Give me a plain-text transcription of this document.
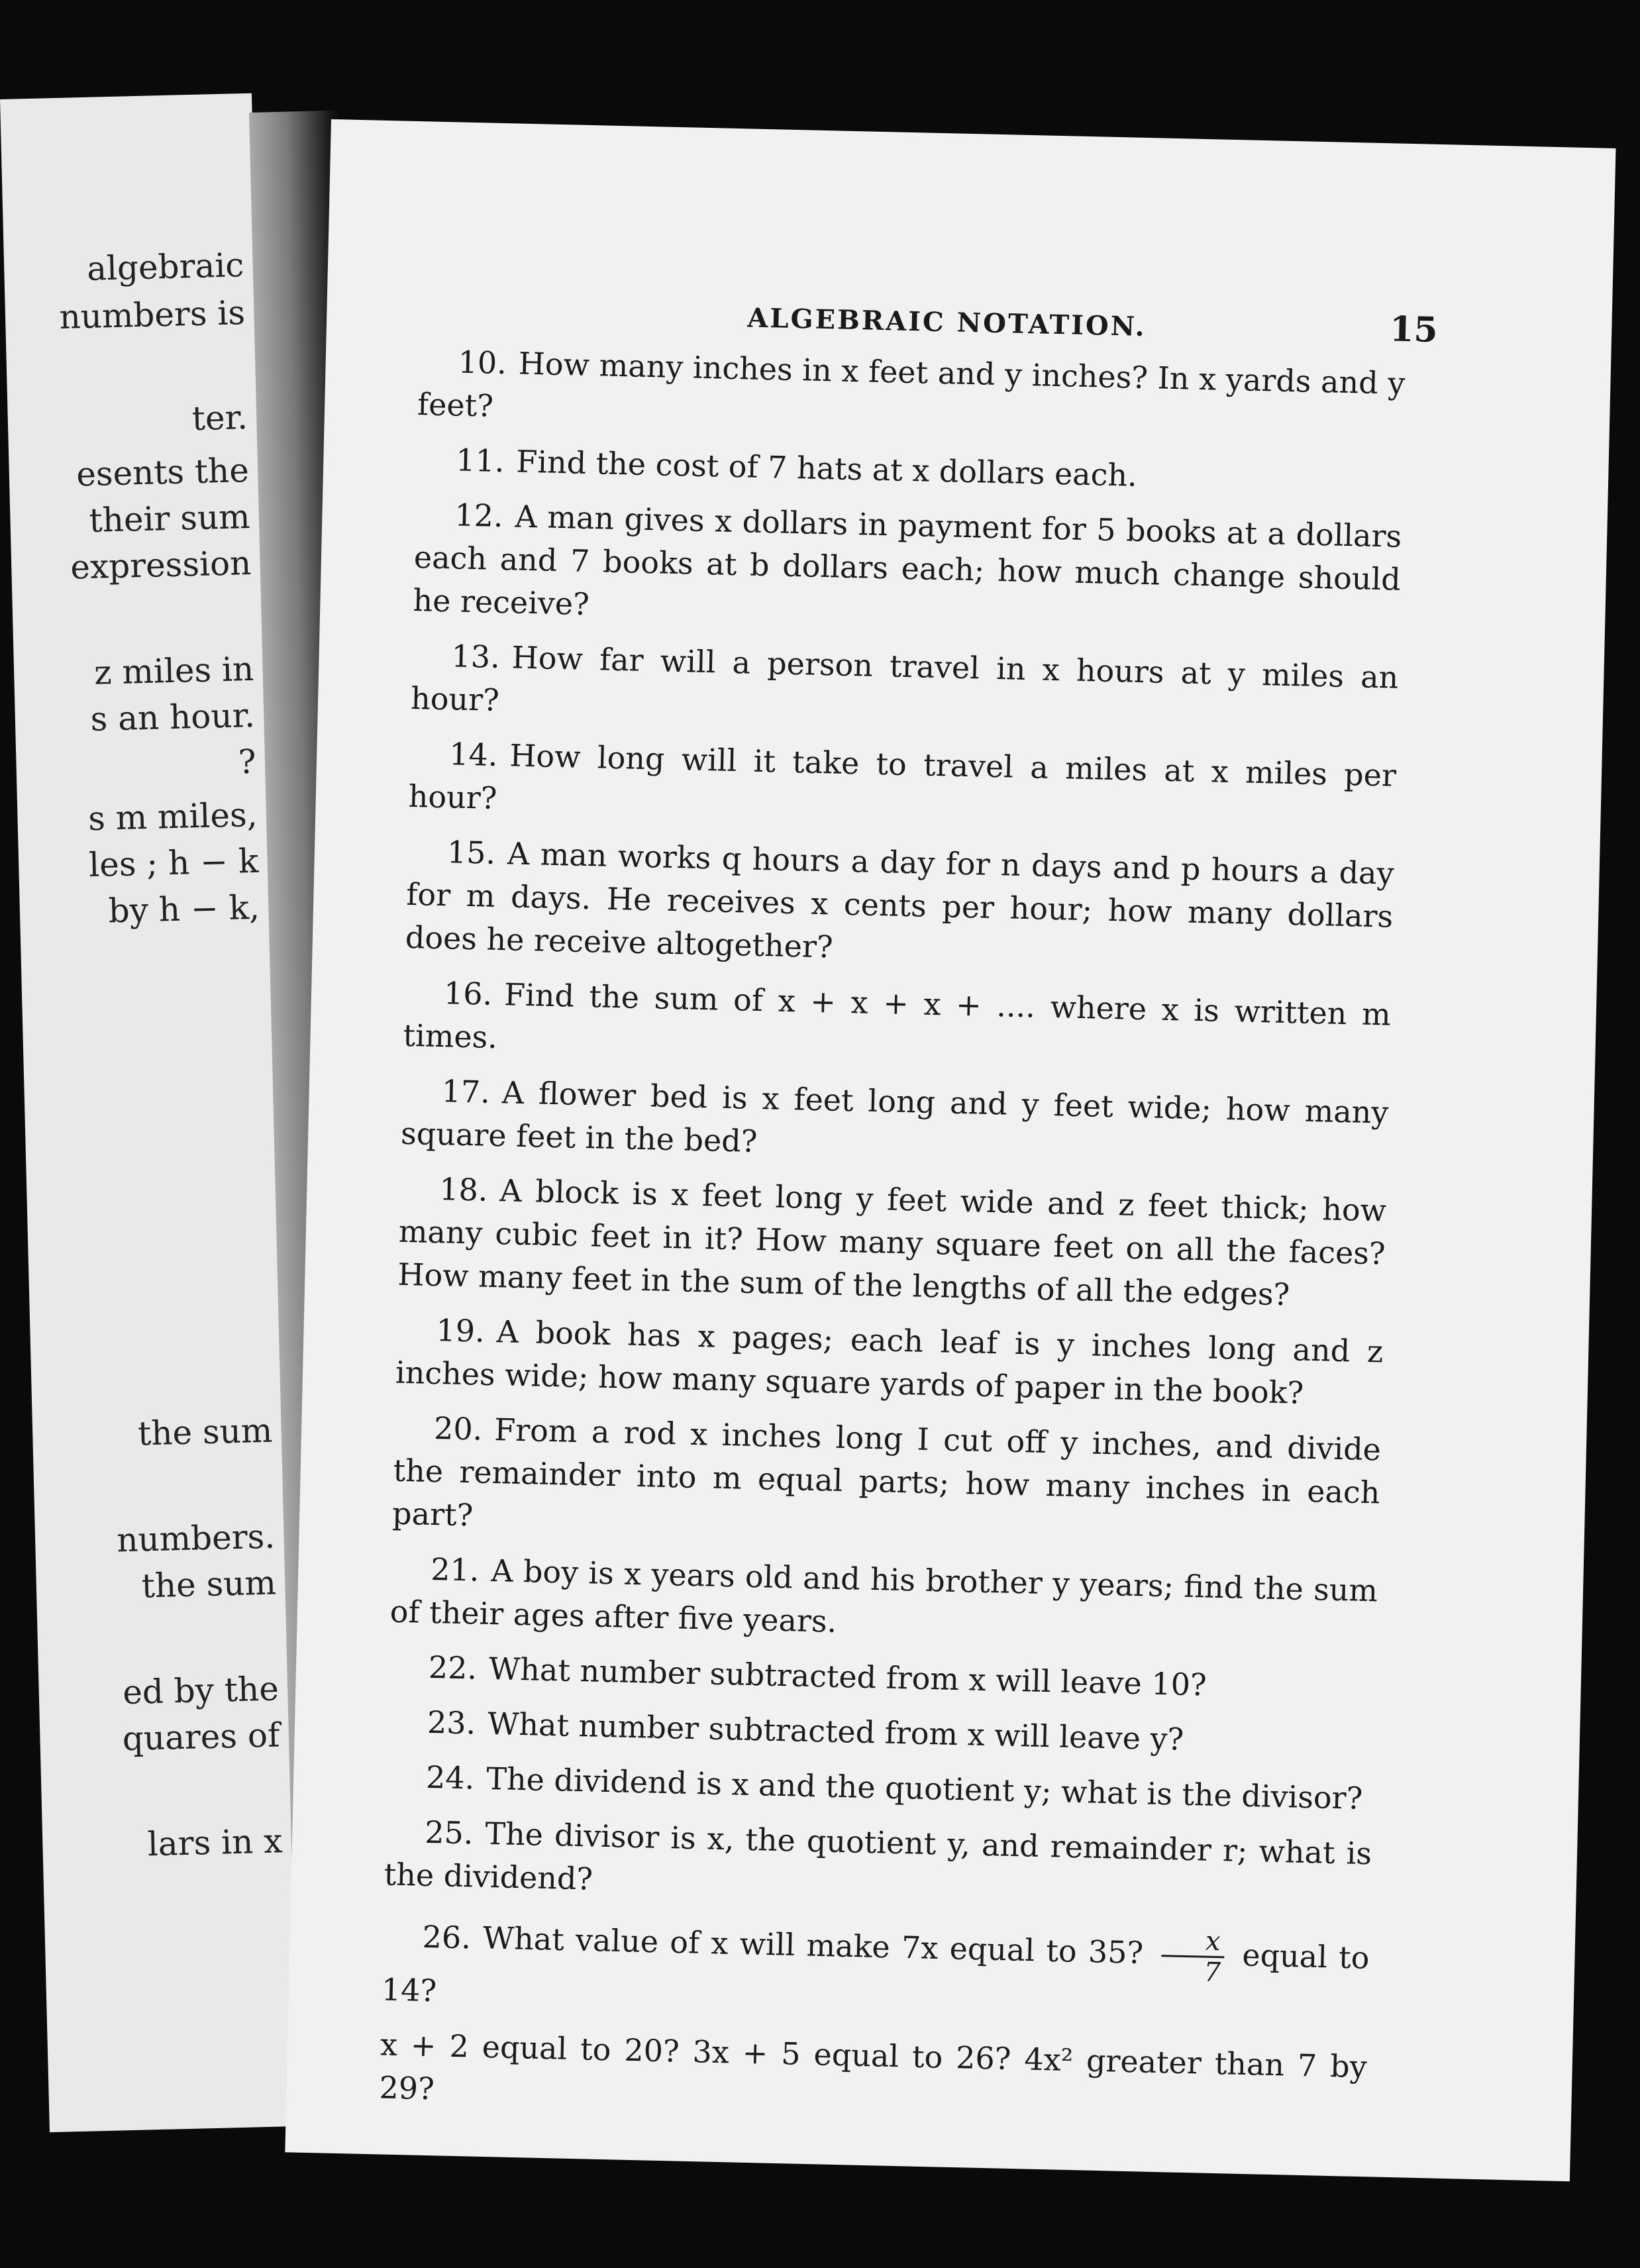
algebraic
numbers is
ter.
esents the
their sum
expression
z miles in
s an hour.
?
s m miles,
les ; h − k
by h − k,
the sum
numbers.
the sum
ed by the
quares of
lars in x
ALGEBRAIC NOTATION.	15

10. How many inches in x feet and y inches? In x yards and y feet?

11. Find the cost of 7 hats at x dollars each.

12. A man gives x dollars in payment for 5 books at a dollars each and 7 books at b dollars each; how much change should he receive?

13. How far will a person travel in x hours at y miles an hour?

14. How long will it take to travel a miles at x miles per hour?

15. A man works q hours a day for n days and p hours a day for m days. He receives x cents per hour; how many dollars does he receive altogether?

16. Find the sum of x + x + x + .... where x is written m times.

17. A flower bed is x feet long and y feet wide; how many square feet in the bed?

18. A block is x feet long y feet wide and z feet thick; how many cubic feet in it? How many square feet on all the faces? How many feet in the sum of the lengths of all the edges?

19. A book has x pages; each leaf is y inches long and z inches wide; how many square yards of paper in the book?

20. From a rod x inches long I cut off y inches, and divide the remainder into m equal parts; how many inches in each part?

21. A boy is x years old and his brother y years; find the sum of their ages after five years.

22. What number subtracted from x will leave 10?

23. What number subtracted from x will leave y?

24. The dividend is x and the quotient y; what is the divisor?

25. The divisor is x, the quotient y, and remainder r; what is the dividend?

26. What value of x will make 7x equal to 35? $\frac{x}{7}$ equal to 14?

x + 2 equal to 20? 3x + 5 equal to 26? 4x² greater than 7 by 29?
